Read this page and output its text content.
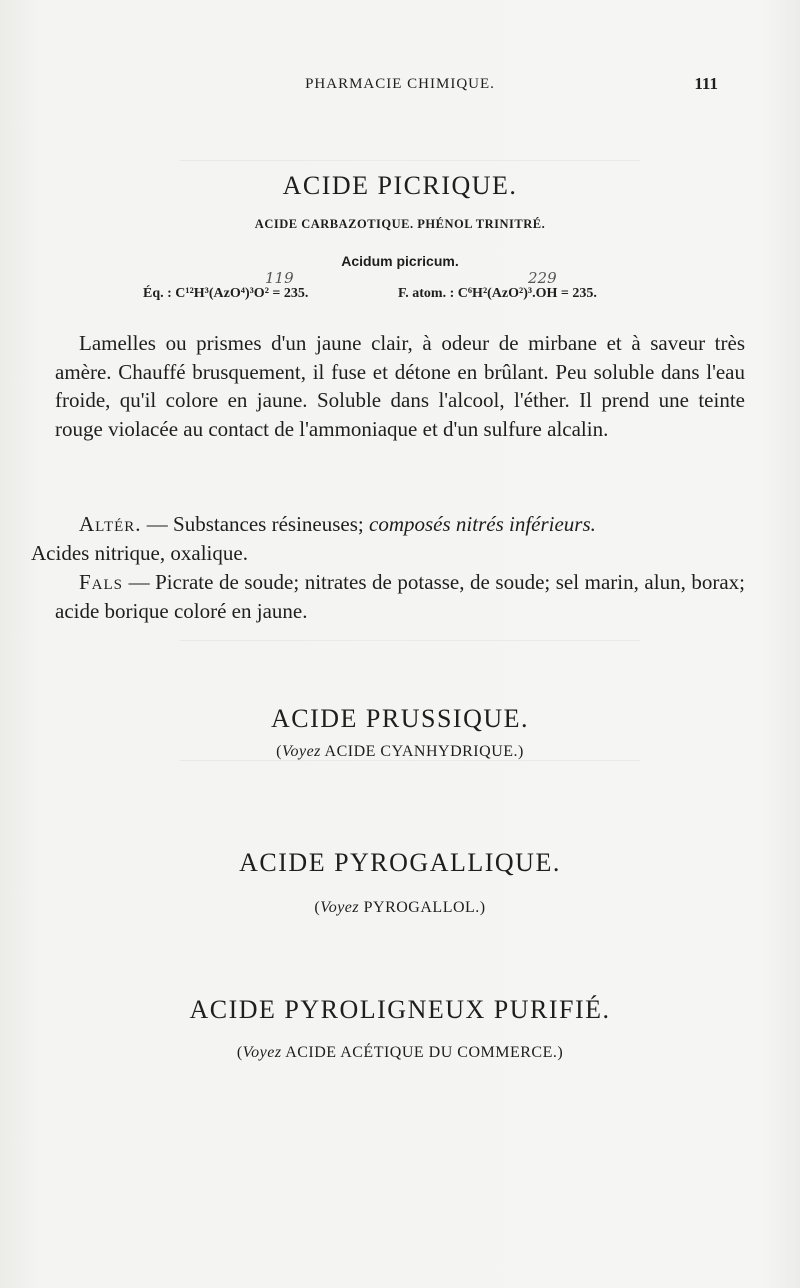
PHARMACIE CHIMIQUE.	111
ACIDE PICRIQUE.
ACIDE CARBAZOTIQUE. PHÉNOL TRINITRÉ.
Acidum picricum.
119	229
Éq. : C¹²H³(AzO⁴)³O² = 235.	F. atom. : C⁶H²(AzO²)³.OH = 235.

Lamelles ou prismes d'un jaune clair, à odeur de mirbane et à saveur très amère. Chauffé brusquement, il fuse et détone en brûlant. Peu soluble dans l'eau froide, qu'il colore en jaune. Soluble dans l'alcool, l'éther. Il prend une teinte rouge violacée au contact de l'ammoniaque et d'un sulfure alcalin.

Altér. — Substances résineuses; composés nitrés inférieurs.
Acides nitrique, oxalique.

Fals — Picrate de soude; nitrates de potasse, de soude; sel marin, alun, borax; acide borique coloré en jaune.

ACIDE PRUSSIQUE.
(Voyez ACIDE CYANHYDRIQUE.)
ACIDE PYROGALLIQUE.
(Voyez PYROGALLOL.)
ACIDE PYROLIGNEUX PURIFIÉ.
(Voyez ACIDE ACÉTIQUE DU COMMERCE.)
